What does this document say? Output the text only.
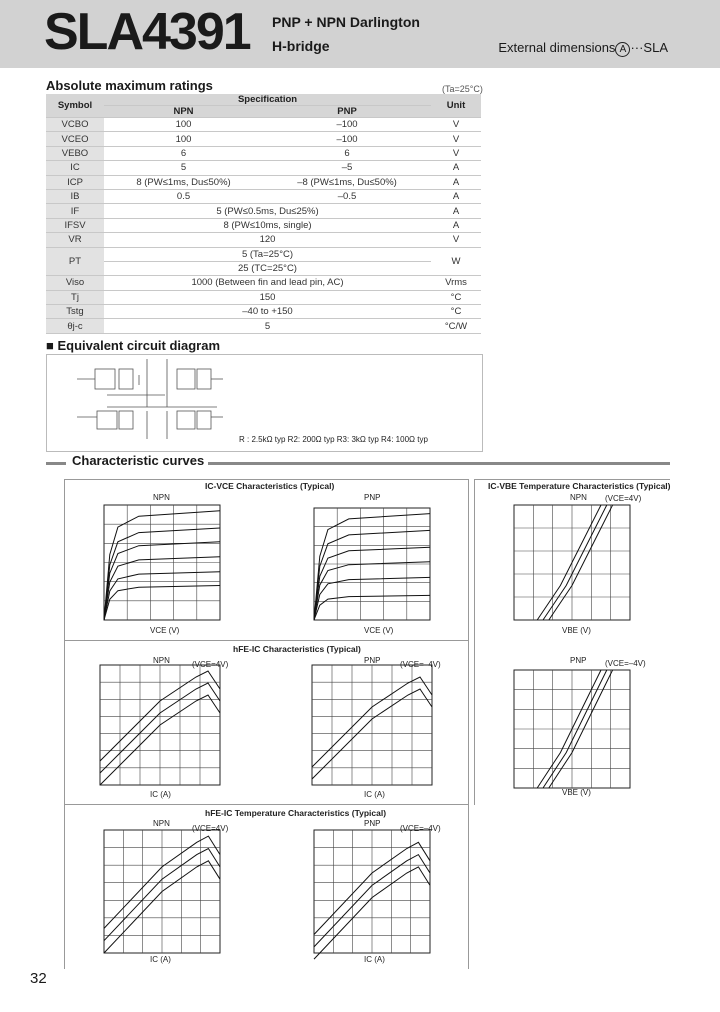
SLA4391 PNP + NPN Darlington
H-bridge	External dimensions A ···SLA
Absolute maximum ratings	(Ta=25°C)
Symbol	Specification		Unit
	NPN	PNP	
VCBO	100	–100	V
VCEO	100	–100	V
VEBO	6	6	V
IC	5	–5	A
ICP	8 (PW≤1ms, Du≤50%)	–8 (PW≤1ms, Du≤50%)	A
IB	0.5	–0.5	A
IF	5 (PW≤0.5ms, Du≤25%)		A
IFSV	8 (PW≤10ms, single)		A
VR	120		V
PT	5 (Ta=25°C)		W
	25 (TC=25°C)		
Viso	1000 (Between fin and lead pin, AC)		Vrms
Tj	150		°C
Tstg	–40 to +150		°C
θj-c	5		°C/W
■ Equivalent circuit diagram
R : 2.5kΩ typ R2: 200Ω typ R3: 3kΩ typ R4: 100Ω typ
Characteristic curves
IC-VCE Characteristics (Typical)	IC-VBE Temperature Characteristics (Typical)
hFE-IC Characteristics (Typical)
hFE-IC Temperature Characteristics (Typical)
NPN	PNP	NPN
NPN	PNP	PNP
NPN	PNP
VCE (V)	VCE (V)	VBE (V)
VBE (V)
IC (A)	IC (A)
IC (A)	IC (A)
(VCE=4V)	(VCE=–4V)
(VCE=4V)
(VCE=–4V)
(VCE=4V)	(VCE=–4V)
32
